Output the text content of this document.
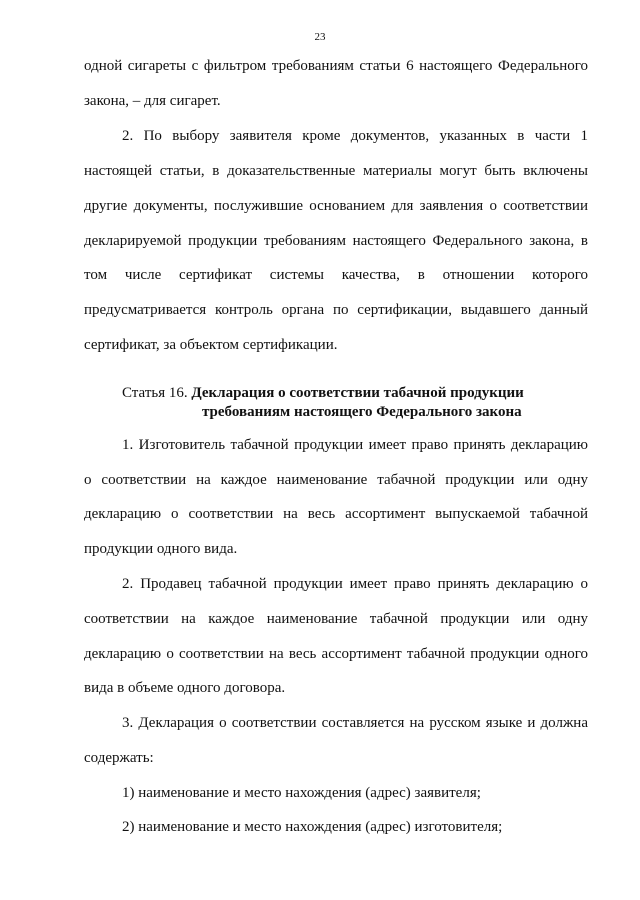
23
одной сигареты с фильтром требованиям статьи 6 настоящего Федерального
закона, – для сигарет.
2. По выбору заявителя кроме документов, указанных в части 1
настоящей статьи, в доказательственные материалы могут быть включены
другие документы, послужившие основанием для заявления о соответствии
декларируемой продукции требованиям настоящего Федерального закона, в
том числе сертификат системы качества, в отношении которого
предусматривается контроль органа по сертификации, выдавшего данный
сертификат, за объектом сертификации.
Статья 16. Декларация о соответствии табачной продукции
требованиям настоящего Федерального закона
1. Изготовитель табачной продукции имеет право принять декларацию
о соответствии на каждое наименование табачной продукции или одну
декларацию о соответствии на весь ассортимент выпускаемой табачной
продукции одного вида.
2. Продавец табачной продукции имеет право принять декларацию о
соответствии на каждое наименование табачной продукции или одну
декларацию о соответствии на весь ассортимент табачной продукции одного
вида в объеме одного договора.
3. Декларация о соответствии составляется на русском языке и должна
содержать:
1) наименование и место нахождения (адрес) заявителя;
2) наименование и место нахождения (адрес) изготовителя;
